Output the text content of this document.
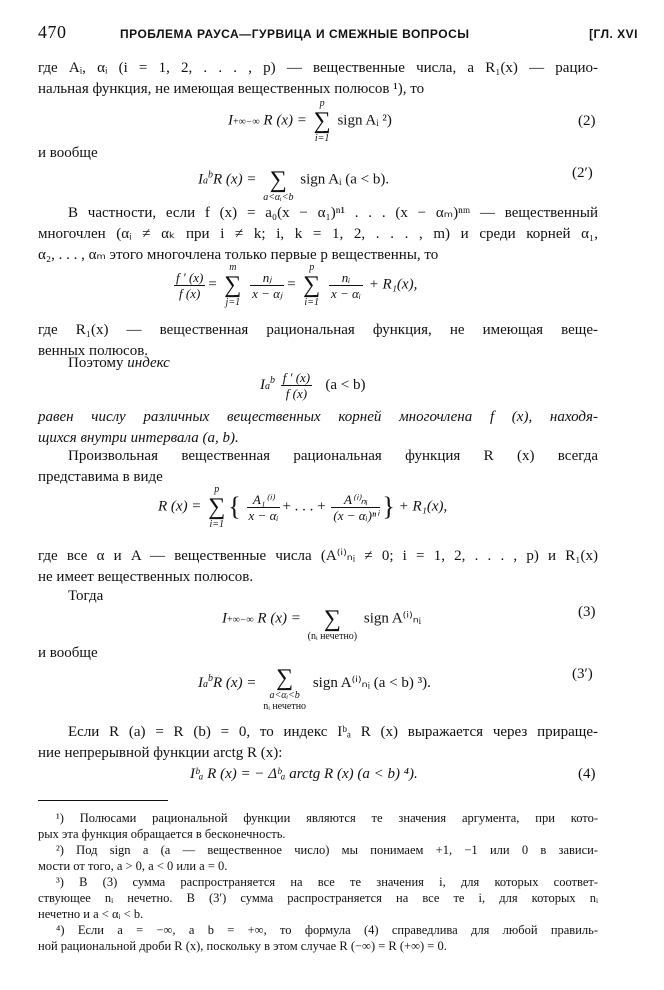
470	ПРОБЛЕМА РАУСА—ГУРВИЦА И СМЕЖНЫЕ ВОПРОСЫ	[ГЛ. XVI
где Aᵢ, αᵢ (i = 1, 2, . . . , p) — вещественные числа, а R₁(x) — рацио-
нальная функция, не имеющая вещественных полюсов ¹), то
I+∞−∞ R (x) =
p
∑
i=1
sign Aᵢ ²)	(2)
и вообще
Ia$^b$R (x) =
∑
a<αᵢ<b
sign Aᵢ (a < b).	(2′)
В частности, если f (x) = a₀(x − α₁)ⁿ¹ . . . (x − αₘ)ⁿᵐ — вещественный
многочлен (αᵢ ≠ αₖ при i ≠ k; i, k = 1, 2, . . . , m) и среди корней α₁,
α₂, . . . , αₘ этого многочлена только первые p вещественны, то
$\frac{f ' (x)}{f (x)}$ =
m
∑
j=1

$\frac{\text{nⱼ}}{\text{x − αⱼ}}$ =
p
∑
i=1

$\frac{\text{nᵢ}}{\text{x − αᵢ}} + R_1(x)$,
где R₁(x) — вещественная рациональная функция, не имеющая веще-
венных полюсов.
Поэтому индекс
$Ia^b \frac{f ' (x)}{f (x)} (a < b)$
равен числу различных вещественных корней многочлена f (x), находя-
щихся внутри интервала (a, b).
Произвольная вещественная рациональная функция R (x) всегда
представима в виде
R (x) =
p
∑
i=1
{ $\frac{\text{A₁⁽ⁱ⁾}}{\text{x − αᵢ}}$ + . . . + $\frac{\text{A⁽ⁱ⁾ₙᵢ}}{\text{(x − αᵢ)ⁿⁱ}}$ } + R₁(x),
где все α и A — вещественные числа (A⁽ⁱ⁾ₙᵢ ≠ 0; i = 1, 2, . . . , p) и R₁(x)
не имеет вещественных полюсов.
Тогда
I+∞−∞ R (x) =
∑
(nᵢ нечетно)
sign A⁽ⁱ⁾ₙᵢ	(3)
и вообще
Ia$^b$R (x) =
∑
a<αᵢ<b
nᵢ нечетно
sign A⁽ⁱ⁾ₙᵢ (a < b) ³).
(3′)
Если R (a) = R (b) = 0, то индекс Iᵇₐ R (x) выражается через прираще-
ние непрерывной функции arctg R (x):
Iᵇₐ R (x) = − Δᵇₐ arctg R (x) (a < b) ⁴).	(4)
¹) Полюсами рациональной функции являются те значения аргумента, при кото-
рых эта функция обращается в бесконечность.
²) Под sign a (a — вещественное число) мы понимаем +1, −1 или 0 в зависи-
мости от того, a > 0, a < 0 или a = 0.
³) В (3) сумма распространяется на все те значения i, для которых соответ-
ствующее nᵢ нечетно. В (3′) сумма распространяется на все те i, для которых nᵢ
нечетно и a < αᵢ < b.
⁴) Если a = −∞, а b = +∞, то формула (4) справедлива для любой правиль-
ной рациональной дроби R (x), поскольку в этом случае R (−∞) = R (+∞) = 0.
